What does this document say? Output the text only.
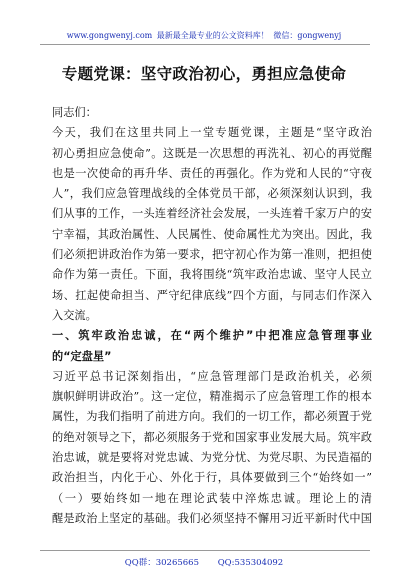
www.gongwenyj.com 最新最全最专业的公文资料库！ 微信：gongwenyj
专题党课：坚守政治初心，勇担应急使命
同志们：
今天，我们在这里共同上一堂专题党课，主题是“坚守政治
初心勇担应急使命”。这既是一次思想的再洗礼、初心的再觉醒
也是一次使命的再升华、责任的再强化。作为党和人民的“守夜
人”，我们应急管理战线的全体党员干部，必须深刻认识到，我
们从事的工作，一头连着经济社会发展，一头连着千家万户的安
宁幸福，其政治属性、人民属性、使命属性尤为突出。因此，我
们必须把讲政治作为第一要求，把守初心作为第一准则，把担使
命作为第一责任。下面，我将围绕“筑牢政治忠诚、坚守人民立
场、扛起使命担当、严守纪律底线”四个方面，与同志们作深入
入交流。
一、筑牢政治忠诚，在“两个维护”中把准应急管理事业
的“定盘星”
习近平总书记深刻指出，“应急管理部门是政治机关，必须
旗帜鲜明讲政治”。这一定位，精准揭示了应急管理工作的根本
属性，为我们指明了前进方向。我们的一切工作，都必须置于党
的绝对领导之下，都必须服务于党和国家事业发展大局。筑牢政
治忠诚，就是要将对党忠诚、为党分忧、为党尽职、为民造福的
政治担当，内化于心、外化于行，具体要做到三个“始终如一”
（一）要始终如一地在理论武装中淬炼忠诚。理论上的清
醒是政治上坚定的基础。我们必须坚持不懈用习近平新时代中国
QQ群：30265665 QQ:535304092
